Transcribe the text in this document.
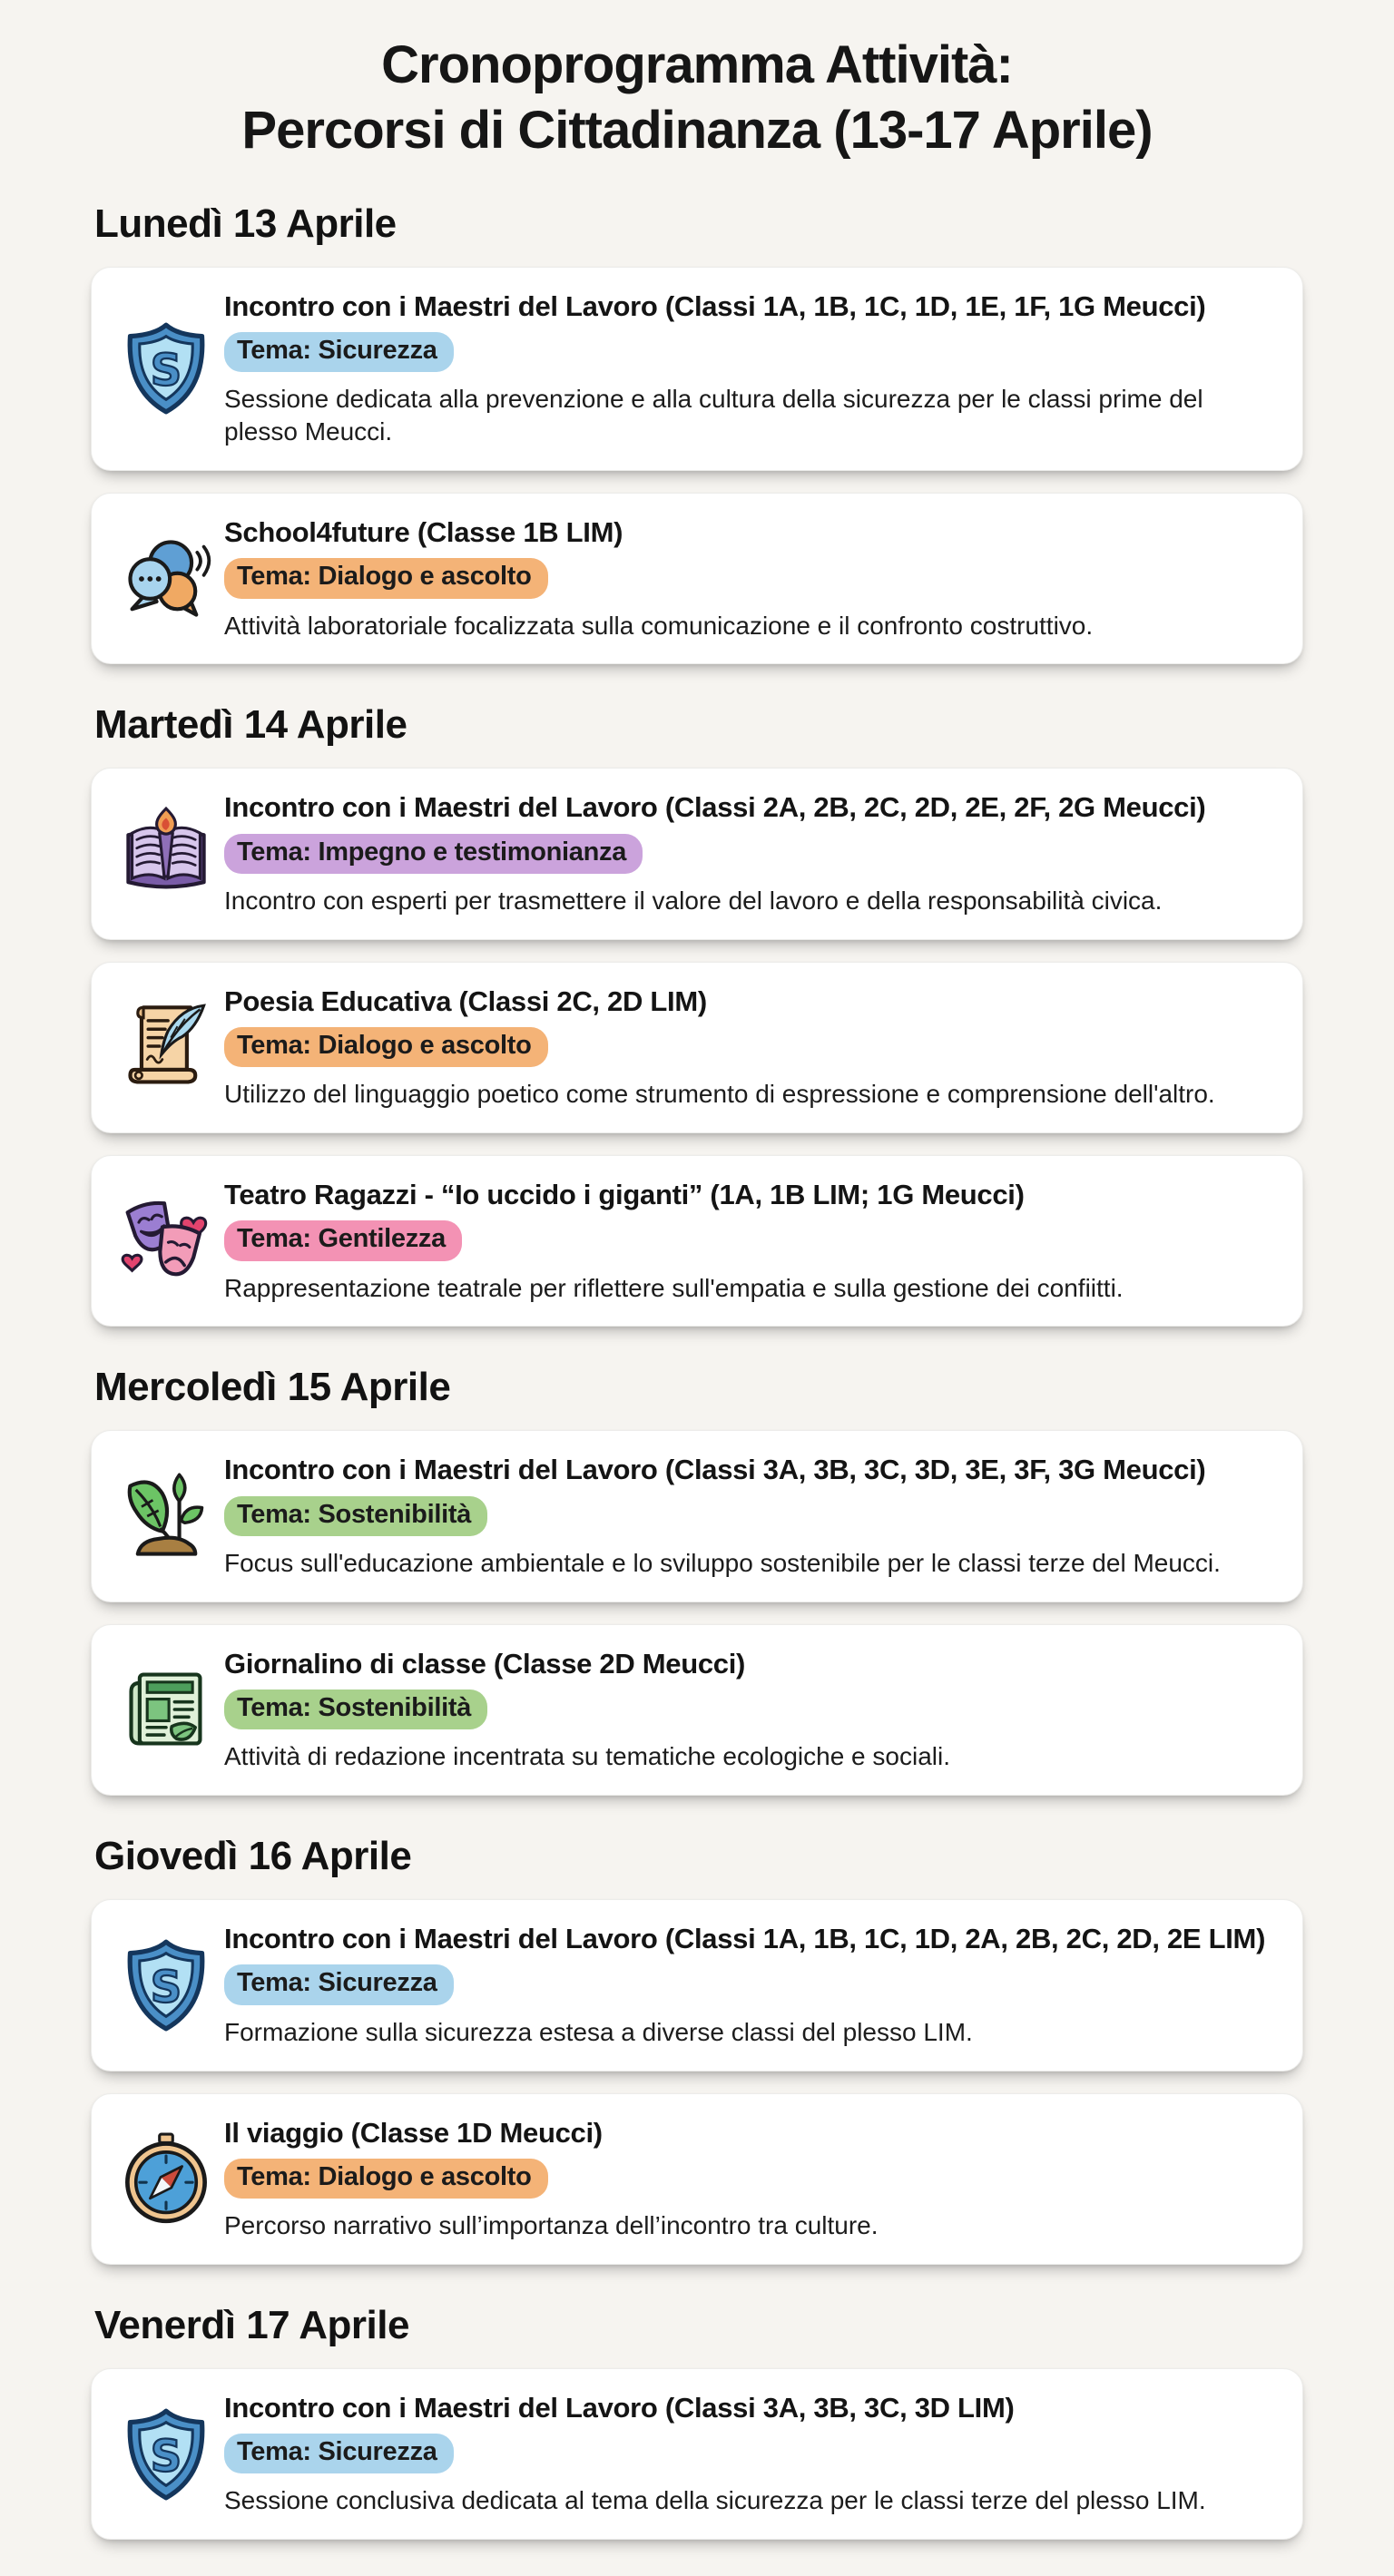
Cronoprogramma Attività:
Percorsi di Cittadinanza (13-17 Aprile)
Lunedì 13 Aprile
Incontro con i Maestri del Lavoro (Classi 1A, 1B, 1C, 1D, 1E, 1F, 1G Meucci)
Tema: Sicurezza

Sessione dedicata alla prevenzione e alla cultura della sicurezza per le classi prime del plesso Meucci.

School4future (Classe 1B LIM)
Tema: Dialogo e ascolto

Attività laboratoriale focalizzata sulla comunicazione e il confronto costruttivo.

Martedì 14 Aprile
Incontro con i Maestri del Lavoro (Classi 2A, 2B, 2C, 2D, 2E, 2F, 2G Meucci)
Tema: Impegno e testimonianza

Incontro con esperti per trasmettere il valore del lavoro e della responsabilità civica.

Poesia Educativa (Classi 2C, 2D LIM)
Tema: Dialogo e ascolto

Utilizzo del linguaggio poetico come strumento di espressione e comprensione dell'altro.

Teatro Ragazzi - “Io uccido i giganti” (1A, 1B LIM; 1G Meucci)
Tema: Gentilezza

Rappresentazione teatrale per riflettere sull'empatia e sulla gestione dei confiitti.

Mercoledì 15 Aprile
Incontro con i Maestri del Lavoro (Classi 3A, 3B, 3C, 3D, 3E, 3F, 3G Meucci)
Tema: Sostenibilità

Focus sull'educazione ambientale e lo sviluppo sostenibile per le classi terze del Meucci.

Giornalino di classe (Classe 2D Meucci)
Tema: Sostenibilità

Attività di redazione incentrata su tematiche ecologiche e sociali.

Giovedì 16 Aprile
Incontro con i Maestri del Lavoro (Classi 1A, 1B, 1C, 1D, 2A, 2B, 2C, 2D, 2E LIM)
Tema: Sicurezza

Formazione sulla sicurezza estesa a diverse classi del plesso LIM.

Il viaggio (Classe 1D Meucci)
Tema: Dialogo e ascolto

Percorso narrativo sull’importanza dell’incontro tra culture.

Venerdì 17 Aprile
Incontro con i Maestri del Lavoro (Classi 3A, 3B, 3C, 3D LIM)
Tema: Sicurezza

Sessione conclusiva dedicata al tema della sicurezza per le classi terze del plesso LIM.
